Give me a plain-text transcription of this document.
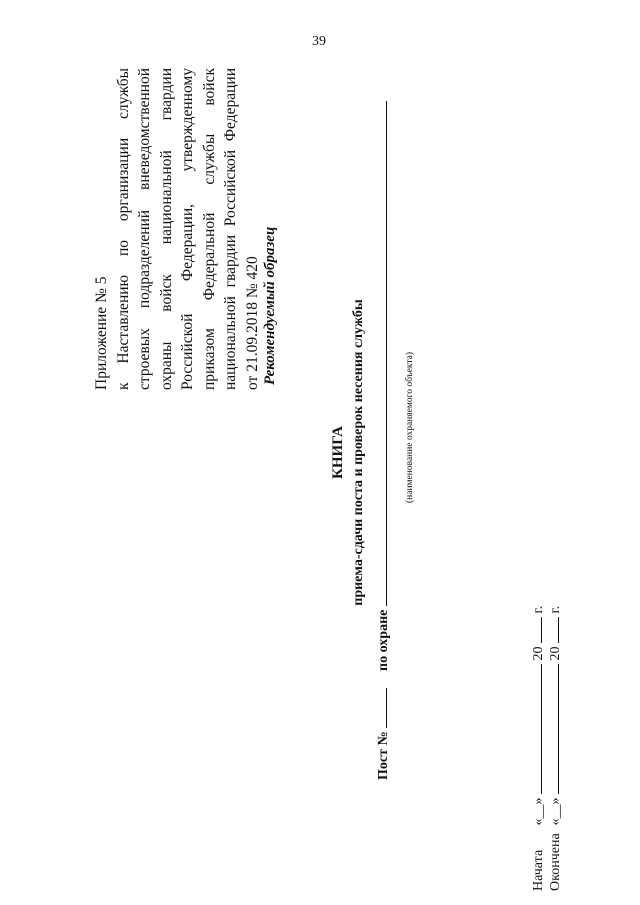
39
Приложение № 5 к Наставлению по организации службы строевых подразделений вневедомственной охраны войск национальной гвардии Российской Федерации, утвержденному приказом Федеральной службы войск национальной гвардии Российской Федерации от 21.09.2018 № 420 Рекомендуемый образец
КНИГА приема-сдачи поста и проверок несения службы
Пост №   по охране
(наименование охраняемого объекта)
Начата «__»  20  г.
Окончена «__»  20  г.
